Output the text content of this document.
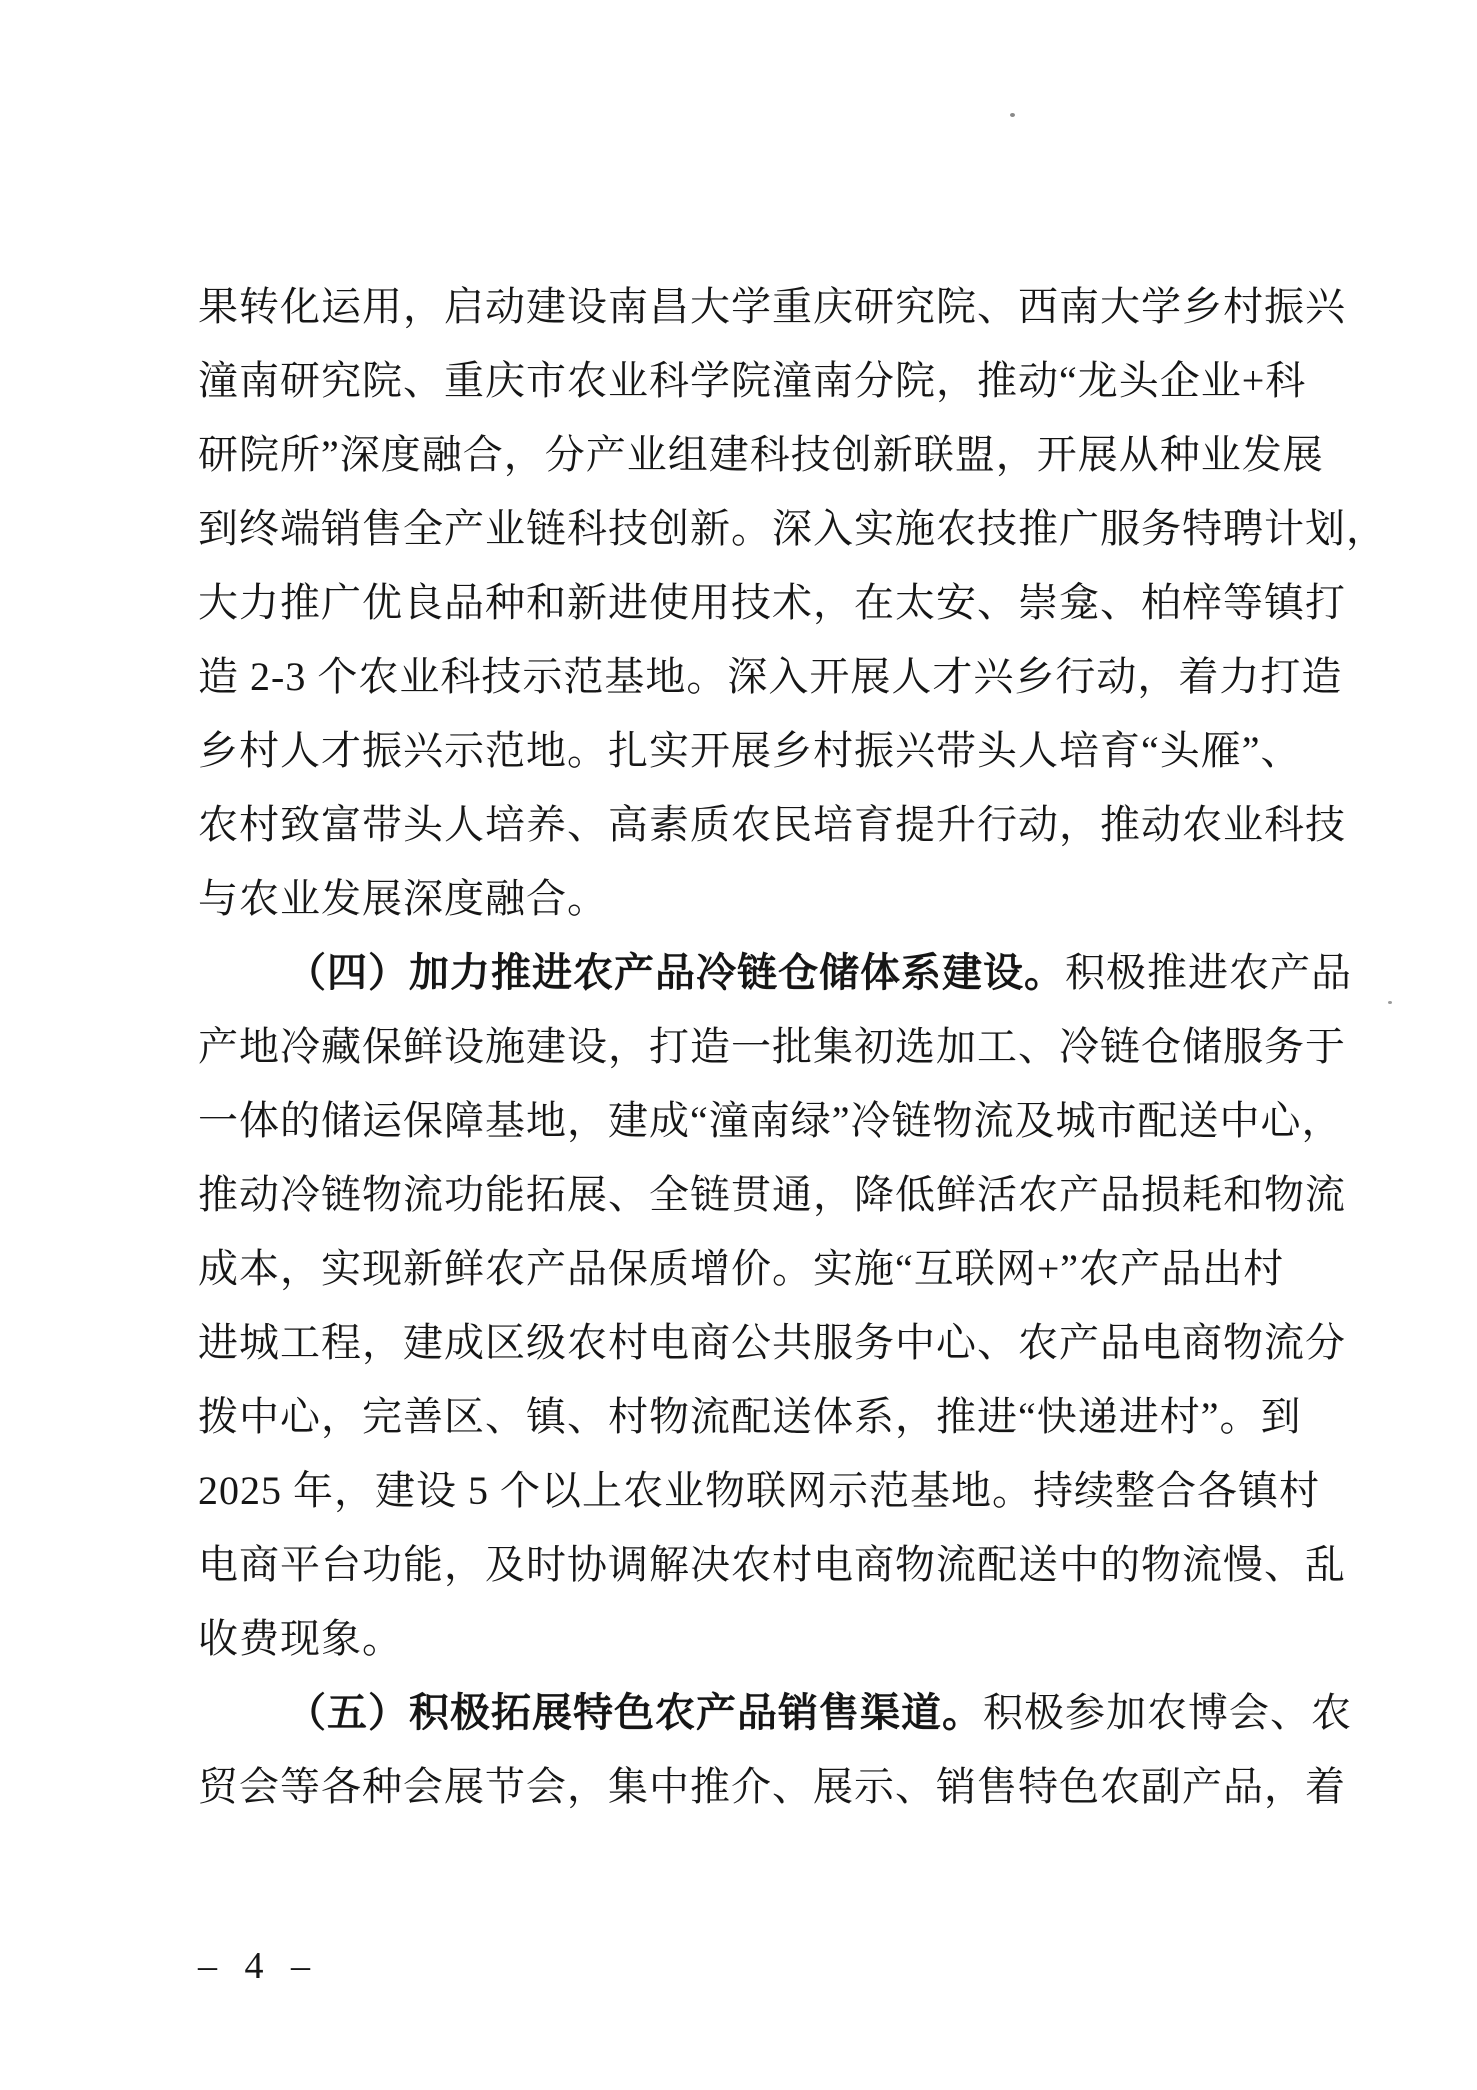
果转化运用，启动建设南昌大学重庆研究院、西南大学乡村振兴
潼南研究院、重庆市农业科学院潼南分院，推动“龙头企业+科
研院所”深度融合，分产业组建科技创新联盟，开展从种业发展
到终端销售全产业链科技创新。深入实施农技推广服务特聘计划，
大力推广优良品种和新进使用技术，在太安、崇龛、柏梓等镇打
造 2-3 个农业科技示范基地。深入开展人才兴乡行动，着力打造
乡村人才振兴示范地。扎实开展乡村振兴带头人培育“头雁”、
农村致富带头人培养、高素质农民培育提升行动，推动农业科技
与农业发展深度融合。
（四）加力推进农产品冷链仓储体系建设。积极推进农产品
产地冷藏保鲜设施建设，打造一批集初选加工、冷链仓储服务于
一体的储运保障基地，建成“潼南绿”冷链物流及城市配送中心，
推动冷链物流功能拓展、全链贯通，降低鲜活农产品损耗和物流
成本，实现新鲜农产品保质增价。实施“互联网+”农产品出村
进城工程，建成区级农村电商公共服务中心、农产品电商物流分
拨中心，完善区、镇、村物流配送体系，推进“快递进村”。到
2025 年，建设 5 个以上农业物联网示范基地。持续整合各镇村
电商平台功能，及时协调解决农村电商物流配送中的物流慢、乱
收费现象。
（五）积极拓展特色农产品销售渠道。积极参加农博会、农
贸会等各种会展节会，集中推介、展示、销售特色农副产品，着
– 4 –
